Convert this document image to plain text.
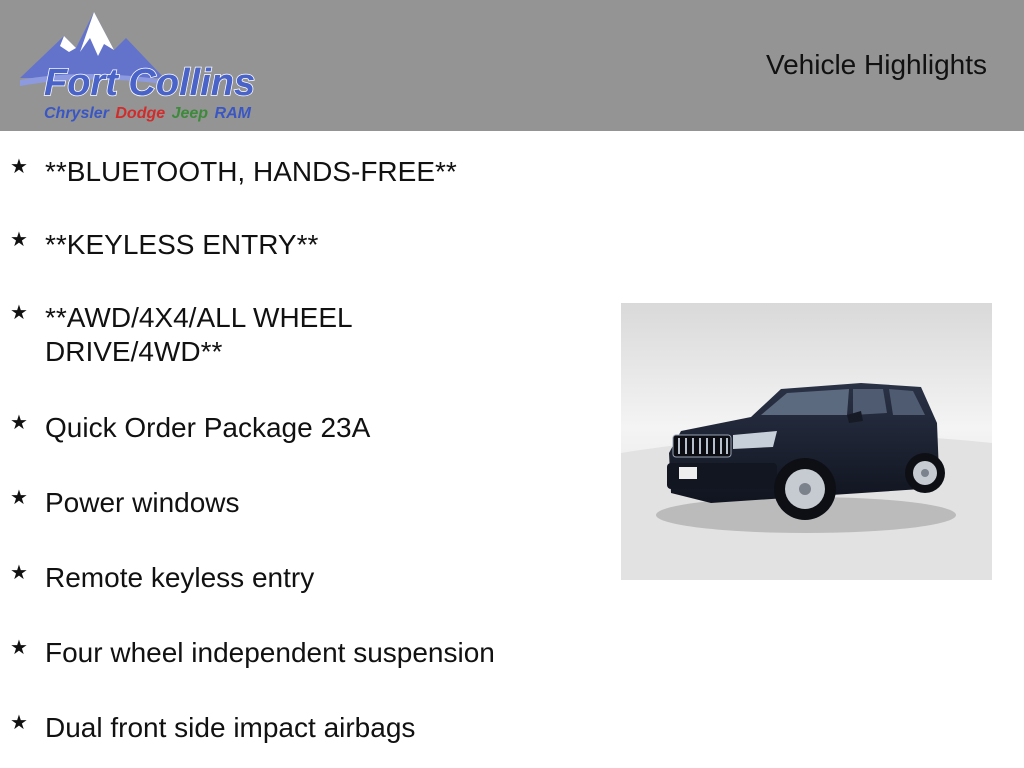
Fort Collins
Chrysler Dodge Jeep RAM
Vehicle Highlights
★ **BLUETOOTH, HANDS-FREE**
★ **KEYLESS ENTRY**
★ **AWD/4X4/ALL WHEEL DRIVE/4WD**
★ Quick Order Package 23A
★ Power windows
★ Remote keyless entry
★ Four wheel independent suspension
★ Dual front side impact airbags
